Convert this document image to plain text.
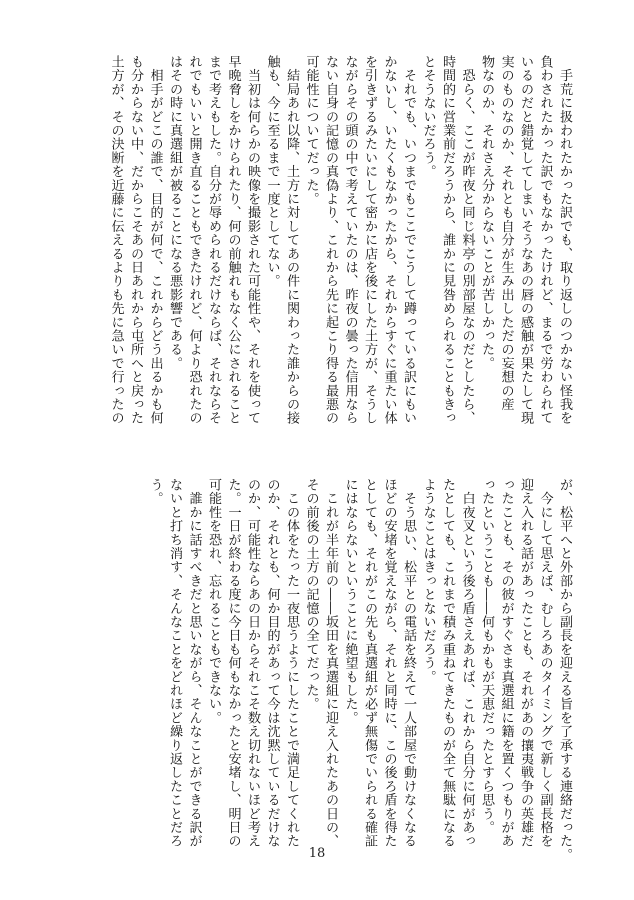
　手荒に扱われたかった訳でも、取り返しのつかない怪我を

負わされたかった訳でもなかったけれど、まるで労わられて

いるのだと錯覚してしまいそうなあの唇の感触が果たして現

実のものなのか、それとも自分が生み出しただの妄想の産

物なのか、それさえ分からないことが苦しかった。

　恐らく、ここが昨夜と同じ料亭の別部屋なのだとしたら、

時間的に営業前だろうから、誰かに見咎められることもきっ

とそうないだろう。

　それでも、いつまでもここでこうして蹲っている訳にもい

かないし、いたくもなかったから、それからすぐに重たい体

を引きずるみたいにして密かに店を後にした土方が、そうし

ながらその頭の中で考えていたのは、昨夜の曇った信用なら

ない自身の記憶の真偽より、これから先に起こり得る最悪の

可能性についてだった。

　結局あれ以降、土方に対してあの件に関わった誰からの接

触も、今に至るまで一度としてない。

　当初は何らかの映像を撮影された可能性や、それを使って

早晩脅しをかけられたり、何の前触れもなく公にされること

まで考えもした。自分が辱められるだけならば、それならそ

れでもいいと開き直ることもできたけれど、何より恐れたの

はその時に真選組が被ることになる悪影響である。

　相手がどこの誰で、目的が何で、これからどう出るかも何

も分からない中、だからこそあの日あれから屯所へと戻った

土方が、その決断を近藤に伝えるよりも先に急いで行ったの

が、松平へと外部から副長を迎える旨を了承する連絡だった。

　今にして思えば、むしろあのタイミングで新しく副長格を

迎え入れる話があったことも、それがあの攘夷戦争の英雄だ

ったことも、その彼がすぐさま真選組に籍を置くつもりがあ

ったということも――何もかもが天恵だったとすら思う。

　白夜叉という後ろ盾さえあれば、これから自分に何があっ

たとしても、これまで積み重ねてきたものが全て無駄になる

ようなことはきっとないだろう。

　そう思い、松平との電話を終えて一人部屋で動けなくなる

ほどの安堵を覚えながら、それと同時に、この後ろ盾を得た

としても、それがこの先も真選組が必ず無傷でいられる確証

にはならないということに絶望もした。

　これが半年前の――坂田を真選組に迎え入れたあの日の、

その前後の土方の記憶の全てだった。

　この体をたった一夜思うようにしたことで満足してくれた

のか、それとも、何か目的があって今は沈黙しているだけな

のか、可能性ならあの日からそれこそ数え切れないほど考え

た。一日が終わる度に今日も何もなかったと安堵し、明日の

可能性を恐れ、忘れることもできない。

　誰かに話すべきだと思いながら、そんなことができる訳が

ないと打ち消す、そんなことをどれほど繰り返したことだろ

う。

18
